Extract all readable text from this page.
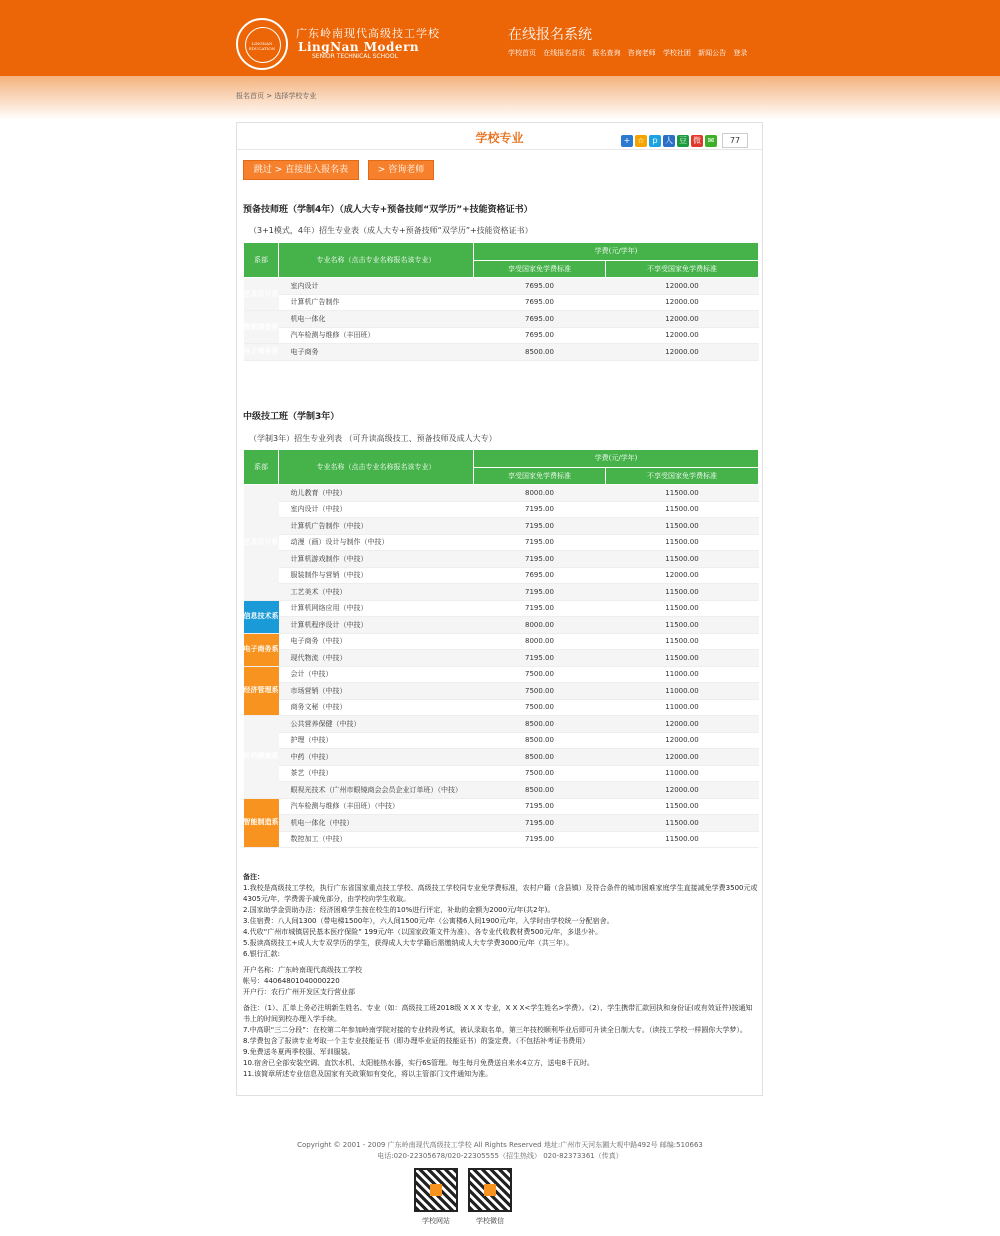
LINGNAN EDUCATION
广东岭南现代高级技工学校
LingNan Modern
SENIOR TECHNICAL SCHOOL
在线报名系统
学校首页 在线报名首页 报名查询 咨询老师 学校社团 新闻公告 登录
报名首页 > 选择学校专业
学校专业	+ ☆ p 人 豆 微 ✉ 77
跳过 > 直接进入报名表	> 咨询老师
预备技师班（学制4年）（成人大专+预备技师“双学历”+技能资格证书）
（3+1模式，4年）招生专业表（成人大专+预备技师“双学历”+技能资格证书）
系部	专业名称（点击专业名称报名该专业）	学费(元/学年)	
		享受国家免学费标准	不享受国家免学费标准
艺术设计系	室内设计	7695.00	12000.00
	计算机广告制作	7695.00	12000.00
智能制造系	机电一体化	7695.00	12000.00
	汽车检测与维修（丰田班）	7695.00	12000.00
电子商务系	电子商务	8500.00	12000.00
中级技工班（学制3年）
（学制3年）招生专业列表 （可升读高级技工、预备技师及成人大专）
系部	专业名称（点击专业名称报名该专业）	学费(元/学年)	
		享受国家免学费标准	不享受国家免学费标准
艺术设计系	幼儿教育（中技）	8000.00	11500.00
	室内设计（中技）	7195.00	11500.00
	计算机广告制作（中技）	7195.00	11500.00
	动漫（画）设计与制作（中技）	7195.00	11500.00
	计算机游戏制作（中技）	7195.00	11500.00
	服装制作与营销（中技）	7695.00	12000.00
	工艺美术（中技）	7195.00	11500.00
信息技术系	计算机网络应用（中技）	7195.00	11500.00
	计算机程序设计（中技）	8000.00	11500.00
电子商务系	电子商务（中技）	8000.00	11500.00
	现代物流（中技）	7195.00	11500.00
经济管理系	会计（中技）	7500.00	11000.00
	市场营销（中技）	7500.00	11000.00
	商务文秘（中技）	7500.00	11000.00
医药健康系	公共营养保健（中技）	8500.00	12000.00
	护理（中技）	8500.00	12000.00
	中药（中技）	8500.00	12000.00
	茶艺（中技）	7500.00	11000.00
	眼视光技术（广州市眼镜商会会员企业订单班）（中技）	8500.00	12000.00
智能制造系	汽车检测与维修（丰田班）（中技）	7195.00	11500.00
	机电一体化（中技）	7195.00	11500.00
	数控加工（中技）	7195.00	11500.00

备注：

1.我校是高级技工学校，执行广东省国家重点技工学校、高级技工学校同专业免学费标准，农村户籍（含县镇）及符合条件的城市困难家庭学生直接减免学费3500元或4305元/年，学费需予减免部分，由学校向学生收取。

2.国家助学金资助办法：经济困难学生按在校生的10%进行评定，补助的金额为2000元/年(共2年)。

3.住宿费：八人间1300（带电梯1500年），六人间1500元/年（公寓楼6人间1900元/年，入学时由学校统一分配宿舍。

4.代收“广州市城镇居民基本医疗保险” 199元/年（以国家政策文件为准）、各专业代收教材费500元/年，多退少补。

5.报读高级技工+成人大专双学历的学生，获得成人大专学籍后需缴纳成人大专学费3000元/年（共三年）。

6.银行汇款:

开户名称：广东岭南现代高级技工学校

帐号：44064801040000220

开户行：农行广州开发区支行营业部

备注：（1）、汇单上务必注明新生姓名、专业（如：高级技工班2018级 X X X 专业，X X X<学生姓名>学费）。（2）、学生携带汇款回执和身份证(或有效证件)按通知书上的时间到校办理入学手续。

7.中高职“三二分段”：在校第二年参加岭南学院对接的专业转段考试，被认录取名单，第三年技校顺利毕业后即可升读全日制大专。（读技工学校一样圆你大学梦）。

8.学费包含了报读专业考取一个主专业技能证书（即办理毕业证的技能证书）的鉴定费。（不包括补考证书费用）

9.免费送冬夏两季校服、军训服装。

10.宿舍已全部安装空调、直饮水机、太阳能热水器，实行6S管理。每生每月免费送自来水4立方，送电8千瓦时。

11.该简章所述专业信息及国家有关政策如有变化，将以主管部门文件通知为准。

Copyright © 2001 - 2009 广东岭南现代高级技工学校 All Rights Reserved 地址:广州市天河东圃大观中路492号 邮编:510663
电话:020-22305678/020-22305555（招生热线） 020-82373361（传真）
学校网站	学校微信
